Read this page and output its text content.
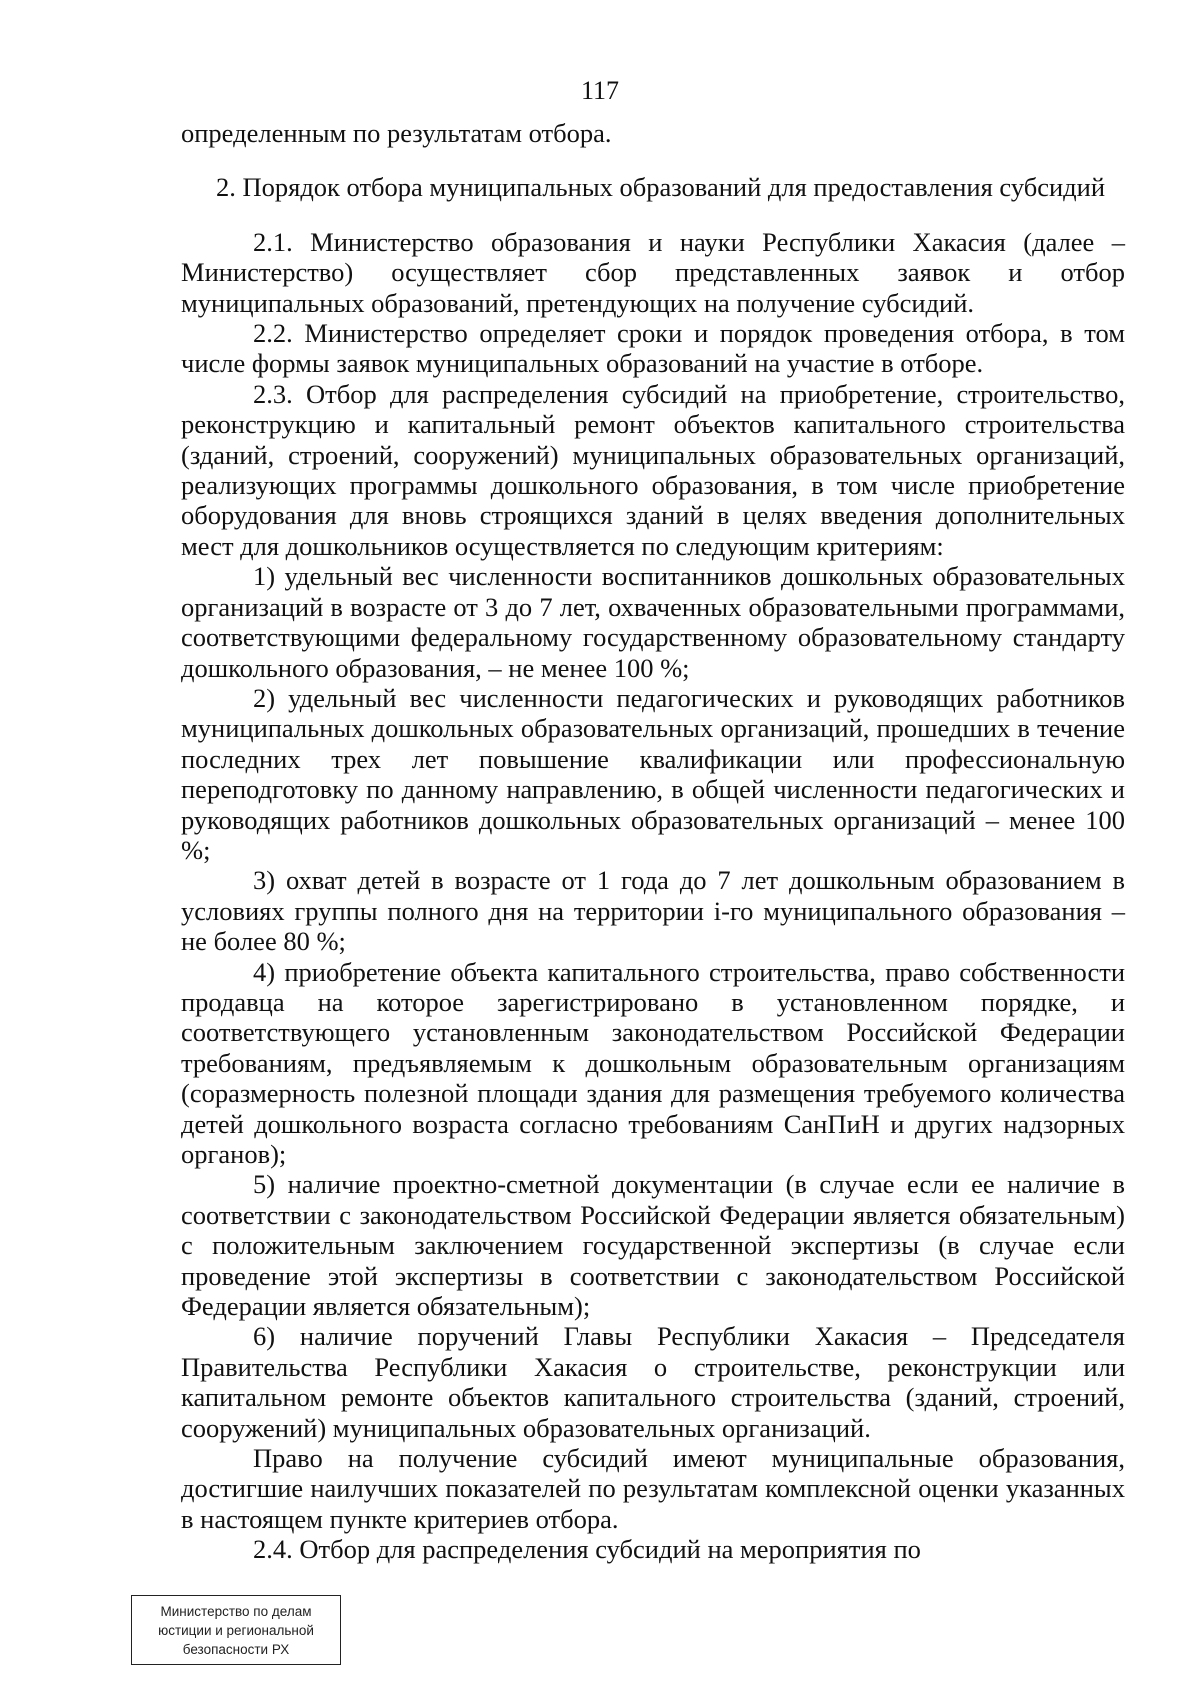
117

определенным по результатам отбора.

2. Порядок отбора муниципальных образований для предоставления субсидий

2.1. Министерство образования и науки Республики Хакасия (далее – Министерство) осуществляет сбор представленных заявок и отбор муниципальных образований, претендующих на получение субсидий.

2.2. Министерство определяет сроки и порядок проведения отбора, в том числе формы заявок муниципальных образований на участие в отборе.

2.3. Отбор для распределения субсидий на приобретение, строительство, реконструкцию и капитальный ремонт объектов капитального строительства (зданий, строений, сооружений) муниципальных образовательных организаций, реализующих программы дошкольного образования, в том числе приобретение оборудования для вновь строящихся зданий в целях введения дополнительных мест для дошкольников осуществляется по следующим критериям:

1) удельный вес численности воспитанников дошкольных образовательных организаций в возрасте от 3 до 7 лет, охваченных образовательными программами, соответствующими федеральному государственному образовательному стандарту дошкольного образования, – не менее 100 %;

2) удельный вес численности педагогических и руководящих работников муниципальных дошкольных образовательных организаций, прошедших в течение последних трех лет повышение квалификации или профессиональную переподготовку по данному направлению, в общей численности педагогических и руководящих работников дошкольных образовательных организаций – менее 100 %;

3) охват детей в возрасте от 1 года до 7 лет дошкольным образованием в условиях группы полного дня на территории i-го муниципального образования – не более 80 %;

4) приобретение объекта капитального строительства, право собственности продавца на которое зарегистрировано в установленном порядке, и соответствующего установленным законодательством Российской Федерации требованиям, предъявляемым к дошкольным образовательным организациям (соразмерность полезной площади здания для размещения требуемого количества детей дошкольного возраста согласно требованиям СанПиН и других надзорных органов);

5) наличие проектно-сметной документации (в случае если ее наличие в соответствии с законодательством Российской Федерации является обязательным) с положительным заключением государственной экспертизы (в случае если проведение этой экспертизы в соответствии с законодательством Российской Федерации является обязательным);

6) наличие поручений Главы Республики Хакасия – Председателя Правительства Республики Хакасия о строительстве, реконструкции или капитальном ремонте объектов капитального строительства (зданий, строений, сооружений) муниципальных образовательных организаций.

Право на получение субсидий имеют муниципальные образования, достигшие наилучших показателей по результатам комплексной оценки указанных в настоящем пункте критериев отбора.

2.4. Отбор для распределения субсидий на мероприятия по

Министерство по делам
юстиции и региональной
безопасности РХ
